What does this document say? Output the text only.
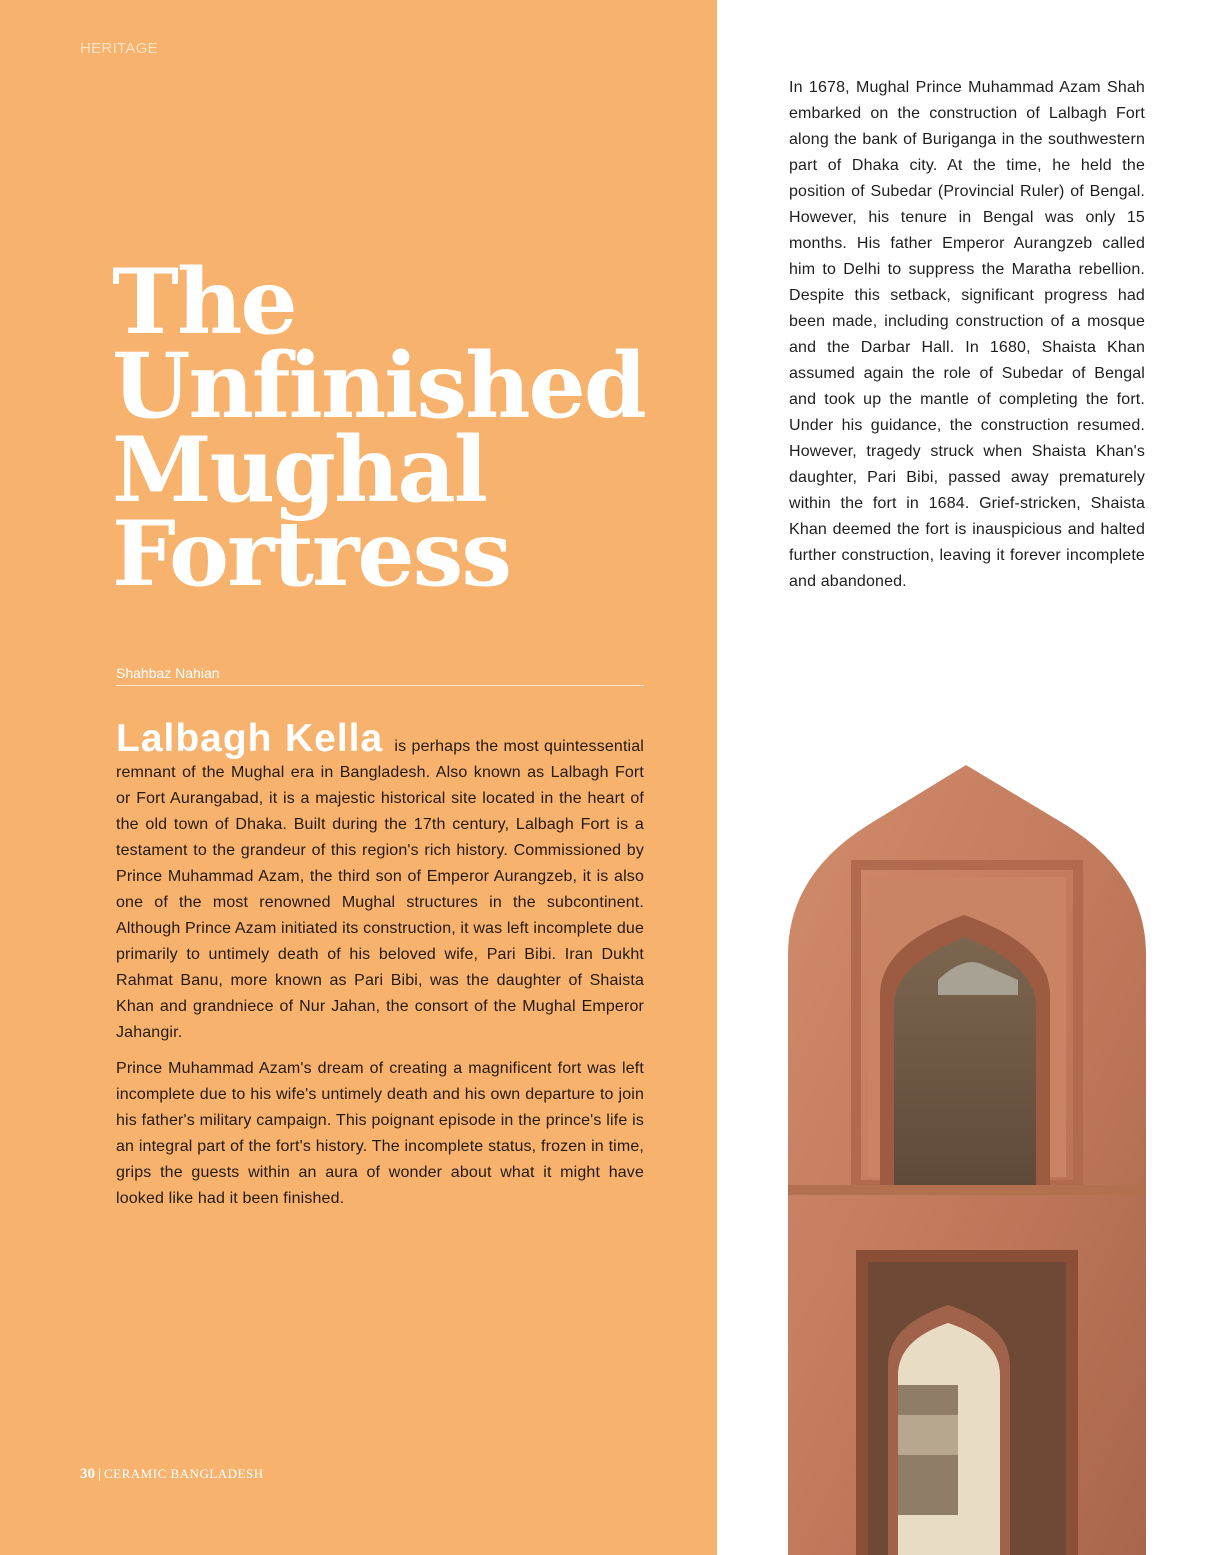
HERITAGE
The
Unfinished
Mughal
Fortress
Shahbaz Nahian

Lalbagh Kella is perhaps the most quintessential remnant of the Mughal era in Bangladesh. Also known as Lalbagh Fort or Fort Aurangabad, it is a majestic historical site located in the heart of the old town of Dhaka. Built during the 17th century, Lalbagh Fort is a testament to the grandeur of this region's rich history. Commissioned by Prince Muhammad Azam, the third son of Emperor Aurangzeb, it is also one of the most renowned Mughal structures in the subcontinent. Although Prince Azam initiated its construction, it was left incomplete due primarily to untimely death of his beloved wife, Pari Bibi. Iran Dukht Rahmat Banu, more known as Pari Bibi, was the daughter of Shaista Khan and grandniece of Nur Jahan, the consort of the Mughal Emperor Jahangir.

Prince Muhammad Azam's dream of creating a magnificent fort was left incomplete due to his wife's untimely death and his own departure to join his father's military campaign. This poignant episode in the prince's life is an integral part of the fort's history. The incomplete status, frozen in time, grips the guests within an aura of wonder about what it might have looked like had it been finished.

In 1678, Mughal Prince Muhammad Azam Shah embarked on the construction of Lalbagh Fort along the bank of Buriganga in the southwestern part of Dhaka city. At the time, he held the position of Subedar (Provincial Ruler) of Bengal. However, his tenure in Bengal was only 15 months. His father Emperor Aurangzeb called him to Delhi to suppress the Maratha rebellion. Despite this setback, significant progress had been made, including construction of a mosque and the Darbar Hall. In 1680, Shaista Khan assumed again the role of Subedar of Bengal and took up the mantle of completing the fort. Under his guidance, the construction resumed. However, tragedy struck when Shaista Khan's daughter, Pari Bibi, passed away prematurely within the fort in 1684. Grief-stricken, Shaista Khan deemed the fort is inauspicious and halted further construction, leaving it forever incomplete and abandoned.

30 | CERAMIC BANGLADESH
